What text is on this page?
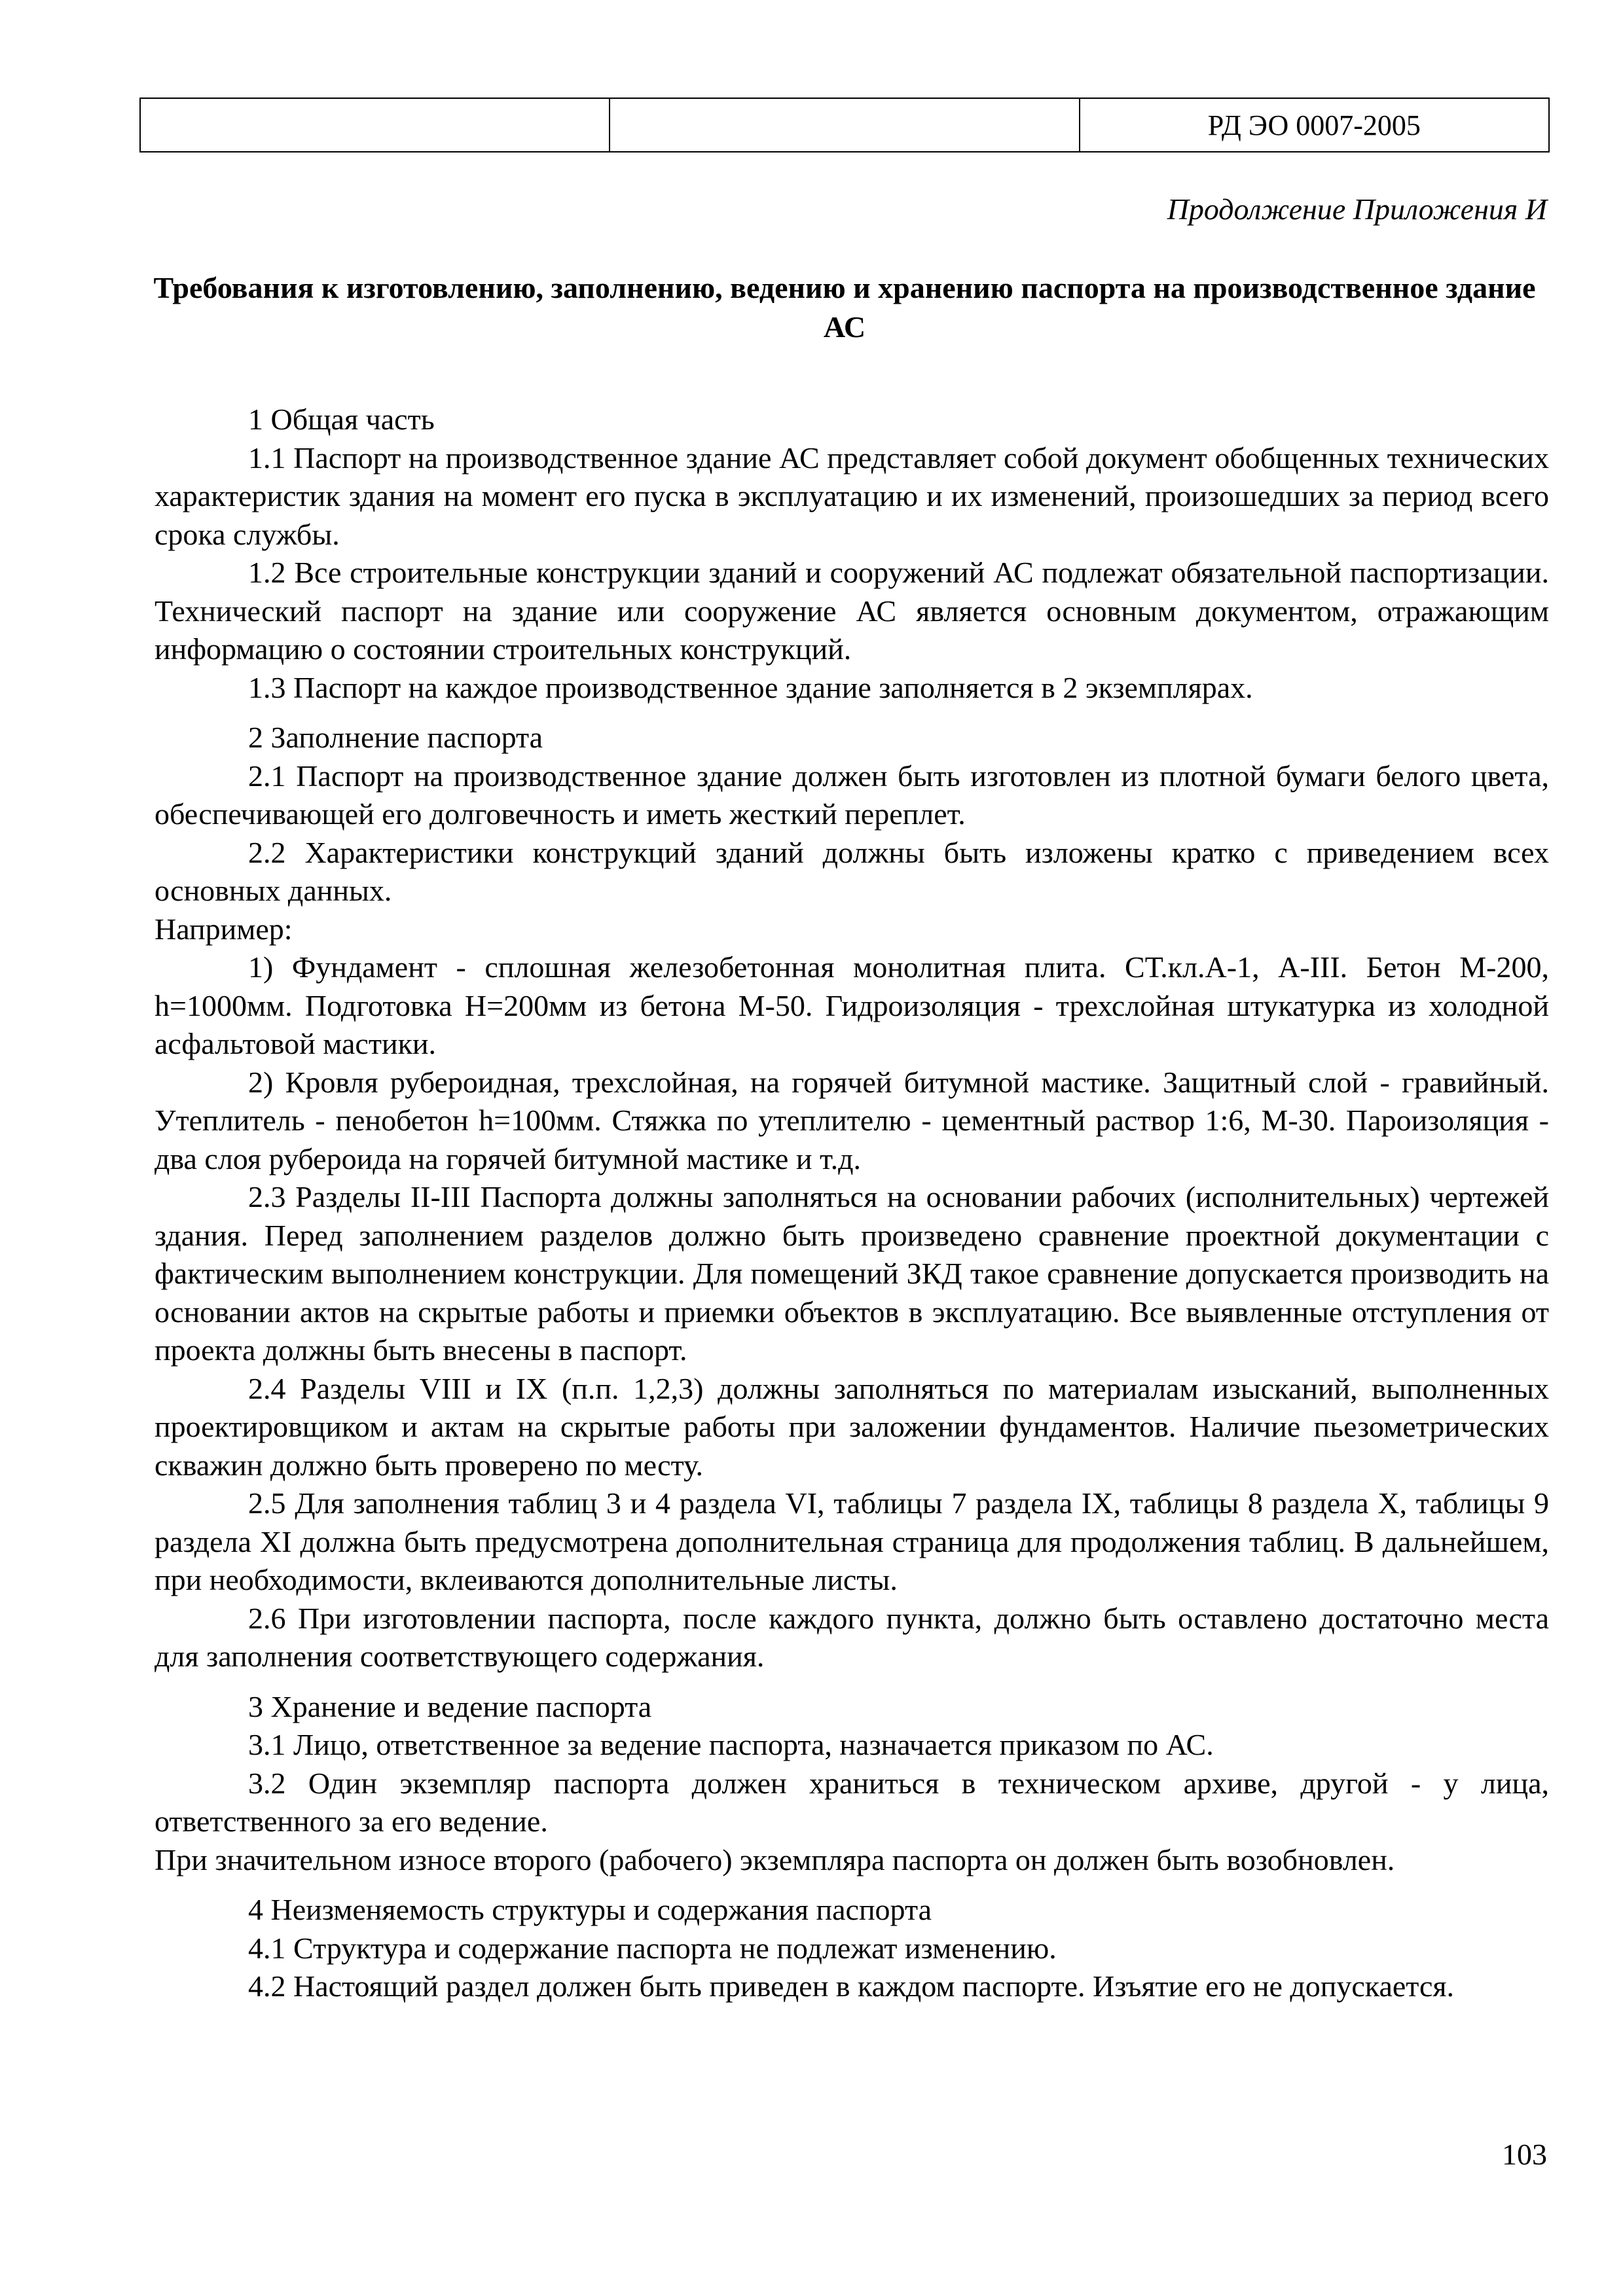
		РД ЭО 0007-2005
Продолжение Приложения И
Требования к изготовлению, заполнению, ведению и хранению паспорта на производственное здание АС

1 Общая часть

1.1 Паспорт на производственное здание АС представляет собой документ обобщенных технических характеристик здания на момент его пуска в эксплуатацию и их изменений, произошедших за период всего срока службы.

1.2 Все строительные конструкции зданий и сооружений АС подлежат обязательной паспортизации. Технический паспорт на здание или сооружение АС является основным документом, отражающим информацию о состоянии строительных конструкций.

1.3 Паспорт на каждое производственное здание заполняется в 2 экземплярах.

2 Заполнение паспорта

2.1 Паспорт на производственное здание должен быть изготовлен из плотной бумаги белого цвета, обеспечивающей его долговечность и иметь жесткий переплет.

2.2 Характеристики конструкций зданий должны быть изложены кратко с приведением всех основных данных.

Например:

1) Фундамент - сплошная железобетонная монолитная плита. СТ.кл.А-1, А-III. Бетон М-200, h=1000мм. Подготовка Н=200мм из бетона М-50. Гидроизоляция - трехслойная штукатурка из холодной асфальтовой мастики.

2) Кровля рубероидная, трехслойная, на горячей битумной мастике. Защитный слой - гравийный. Утеплитель - пенобетон h=100мм. Стяжка по утеплителю - цементный раствор 1:6, М-30. Пароизоляция - два слоя рубероида на горячей битумной мастике и т.д.

2.3 Разделы II-III Паспорта должны заполняться на основании рабочих (исполнительных) чертежей здания. Перед заполнением разделов должно быть произведено сравнение проектной документации с фактическим выполнением конструкции. Для помещений ЗКД такое сравнение допускается производить на основании актов на скрытые работы и приемки объектов в эксплуатацию. Все выявленные отступления от проекта должны быть внесены в паспорт.

2.4 Разделы VIII и IX (п.п. 1,2,3) должны заполняться по материалам изысканий, выполненных проектировщиком и актам на скрытые работы при заложении фундаментов. Наличие пьезометрических скважин должно быть проверено по месту.

2.5 Для заполнения таблиц 3 и 4 раздела VI, таблицы 7 раздела IX, таблицы 8 раздела X, таблицы 9 раздела XI должна быть предусмотрена дополнительная страница для продолжения таблиц. В дальнейшем, при необходимости, вклеиваются дополнительные листы.

2.6 При изготовлении паспорта, после каждого пункта, должно быть оставлено достаточно места для заполнения соответствующего содержания.

3 Хранение и ведение паспорта

3.1 Лицо, ответственное за ведение паспорта, назначается приказом по АС.

3.2 Один экземпляр паспорта должен храниться в техническом архиве, другой - у лица, ответственного за его ведение.

При значительном износе второго (рабочего) экземпляра паспорта он должен быть возобновлен.

4 Неизменяемость структуры и содержания паспорта

4.1 Структура и содержание паспорта не подлежат изменению.

4.2 Настоящий раздел должен быть приведен в каждом паспорте. Изъятие его не допускается.

103
